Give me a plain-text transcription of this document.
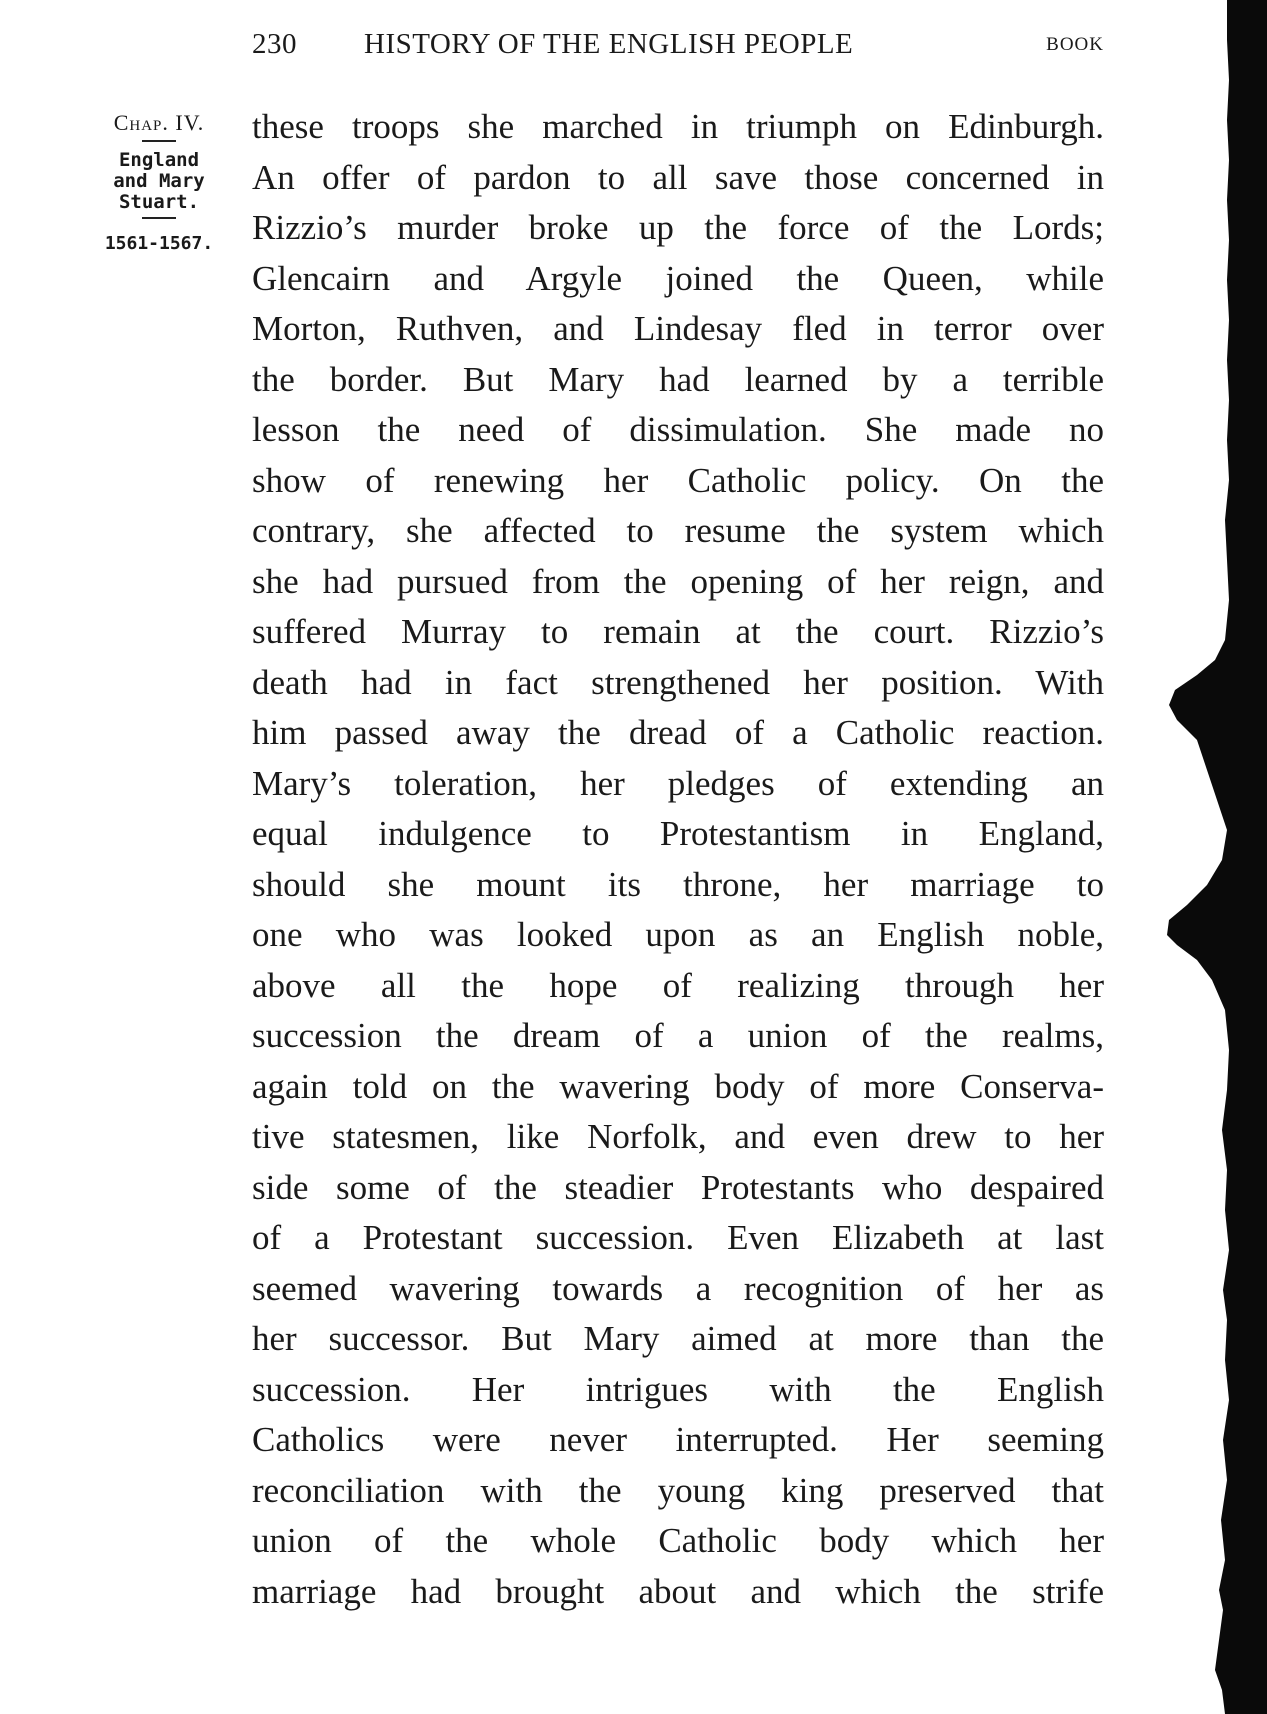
230 HISTORY OF THE ENGLISH PEOPLE	BOOK
Chap. IV.
England
and Mary
Stuart.
1561-1567.
these troops she marched in triumph on Edinburgh.
An offer of pardon to all save those concerned in
Rizzio’s murder broke up the force of the Lords;
Glencairn and Argyle joined the Queen, while
Morton, Ruthven, and Lindesay fled in terror over
the border. But Mary had learned by a terrible
lesson the need of dissimulation. She made no
show of renewing her Catholic policy. On the
contrary, she affected to resume the system which
she had pursued from the opening of her reign, and
suffered Murray to remain at the court. Rizzio’s
death had in fact strengthened her position. With
him passed away the dread of a Catholic reaction.
Mary’s toleration, her pledges of extending an
equal indulgence to Protestantism in England,
should she mount its throne, her marriage to
one who was looked upon as an English noble,
above all the hope of realizing through her
succession the dream of a union of the realms,
again told on the wavering body of more Conserva-
tive statesmen, like Norfolk, and even drew to her
side some of the steadier Protestants who despaired
of a Protestant succession. Even Elizabeth at last
seemed wavering towards a recognition of her as
her successor. But Mary aimed at more than the
succession. Her intrigues with the English
Catholics were never interrupted. Her seeming
reconciliation with the young king preserved that
union of the whole Catholic body which her
marriage had brought about and which the strife
